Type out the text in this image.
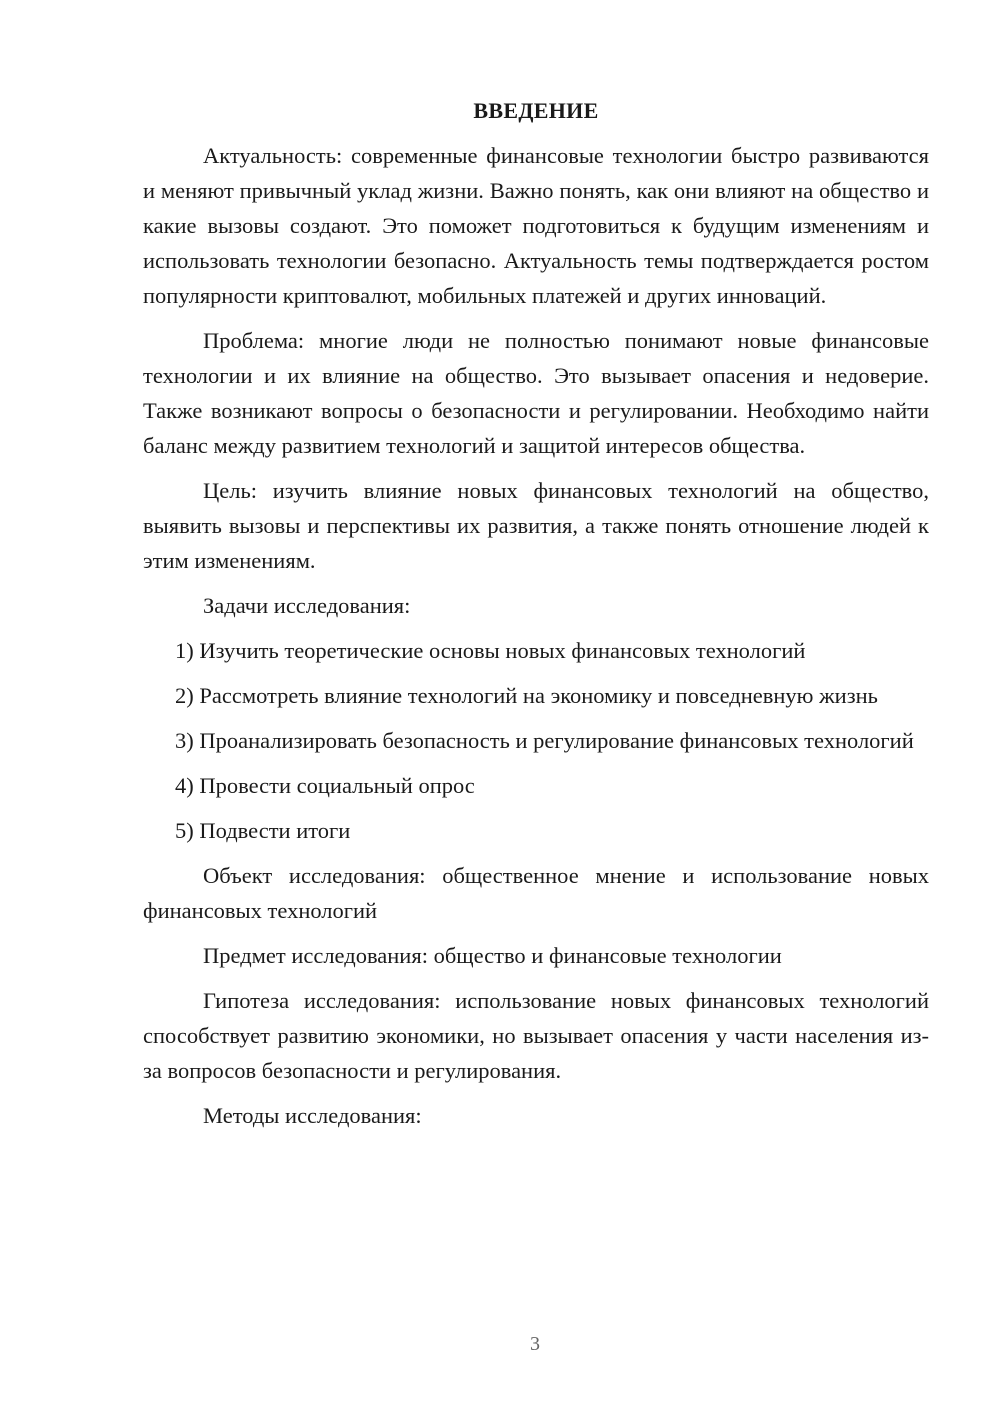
ВВЕДЕНИЕ

Актуальность: современные финансовые технологии быстро развиваются и меняют привычный уклад жизни. Важно понять, как они влияют на общество и какие вызовы создают. Это поможет подготовиться к будущим изменениям и использовать технологии безопасно. Актуальность темы подтверждается ростом популярности криптовалют, мобильных платежей и других инноваций.

Проблема: многие люди не полностью понимают новые финансовые технологии и их влияние на общество. Это вызывает опасения и недоверие. Также возникают вопросы о безопасности и регулировании. Необходимо найти баланс между развитием технологий и защитой интересов общества.

Цель: изучить влияние новых финансовых технологий на общество, выявить вызовы и перспективы их развития, а также понять отношение людей к этим изменениям.

Задачи исследования:

1) Изучить теоретические основы новых финансовых технологий

2) Рассмотреть влияние технологий на экономику и повседневную жизнь

3) Проанализировать безопасность и регулирование финансовых технологий

4) Провести социальный опрос

5) Подвести итоги

Объект исследования: общественное мнение и использование новых финансовых технологий

Предмет исследования: общество и финансовые технологии

Гипотеза исследования: использование новых финансовых технологий способствует развитию экономики, но вызывает опасения у части населения из-за вопросов безопасности и регулирования.

Методы исследования:

3
